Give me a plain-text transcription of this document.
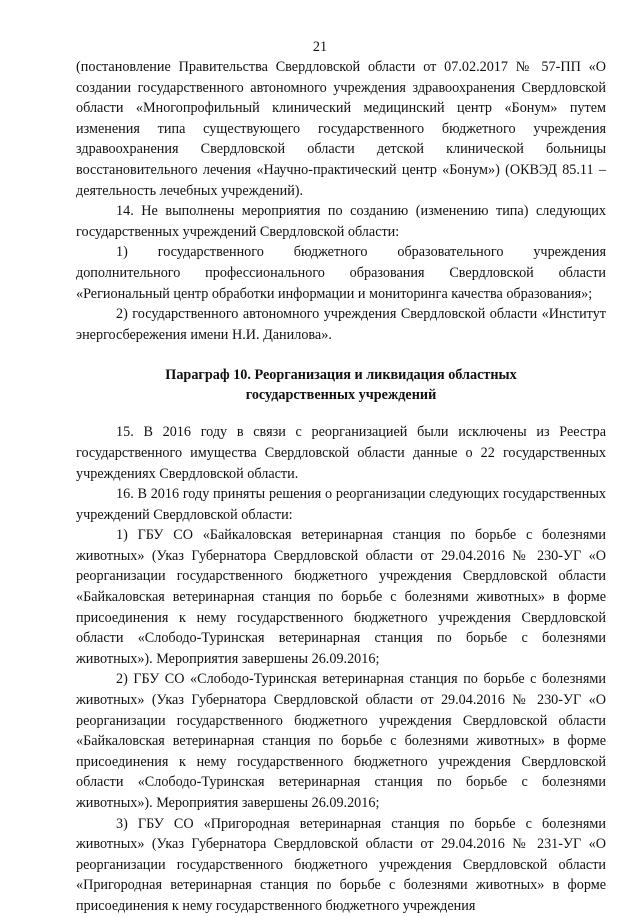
21

(постановление Правительства Свердловской области от 07.02.2017 № 57-ПП «О создании государственного автономного учреждения здравоохранения Свердловской области «Многопрофильный клинический медицинский центр «Бонум» путем изменения типа существующего государственного бюджетного учреждения здравоохранения Свердловской области детской клинической больницы восстановительного лечения «Научно-практический центр «Бонум») (ОКВЭД 85.11 – деятельность лечебных учреждений).

14. Не выполнены мероприятия по созданию (изменению типа) следующих государственных учреждений Свердловской области:

1) государственного бюджетного образовательного учреждения дополнительного профессионального образования Свердловской области «Региональный центр обработки информации и мониторинга качества образования»;

2) государственного автономного учреждения Свердловской области «Институт энергосбережения имени Н.И. Данилова».

Параграф 10. Реорганизация и ликвидация областных
государственных учреждений

15. В 2016 году в связи с реорганизацией были исключены из Реестра государственного имущества Свердловской области данные о 22 государственных учреждениях Свердловской области.

16. В 2016 году приняты решения о реорганизации следующих государственных учреждений Свердловской области:

1) ГБУ СО «Байкаловская ветеринарная станция по борьбе с болезнями животных» (Указ Губернатора Свердловской области от 29.04.2016 № 230-УГ «О реорганизации государственного бюджетного учреждения Свердловской области «Байкаловская ветеринарная станция по борьбе с болезнями животных» в форме присоединения к нему государственного бюджетного учреждения Свердловской области «Слободо-Туринская ветеринарная станция по борьбе с болезнями животных»). Мероприятия завершены 26.09.2016;

2) ГБУ СО «Слободо-Туринская ветеринарная станция по борьбе с болезнями животных» (Указ Губернатора Свердловской области от 29.04.2016 № 230-УГ «О реорганизации государственного бюджетного учреждения Свердловской области «Байкаловская ветеринарная станция по борьбе с болезнями животных» в форме присоединения к нему государственного бюджетного учреждения Свердловской области «Слободо-Туринская ветеринарная станция по борьбе с болезнями животных»). Мероприятия завершены 26.09.2016;

3) ГБУ СО «Пригородная ветеринарная станция по борьбе с болезнями животных» (Указ Губернатора Свердловской области от 29.04.2016 № 231-УГ «О реорганизации государственного бюджетного учреждения Свердловской области «Пригородная ветеринарная станция по борьбе с болезнями животных» в форме присоединения к нему государственного бюджетного учреждения
